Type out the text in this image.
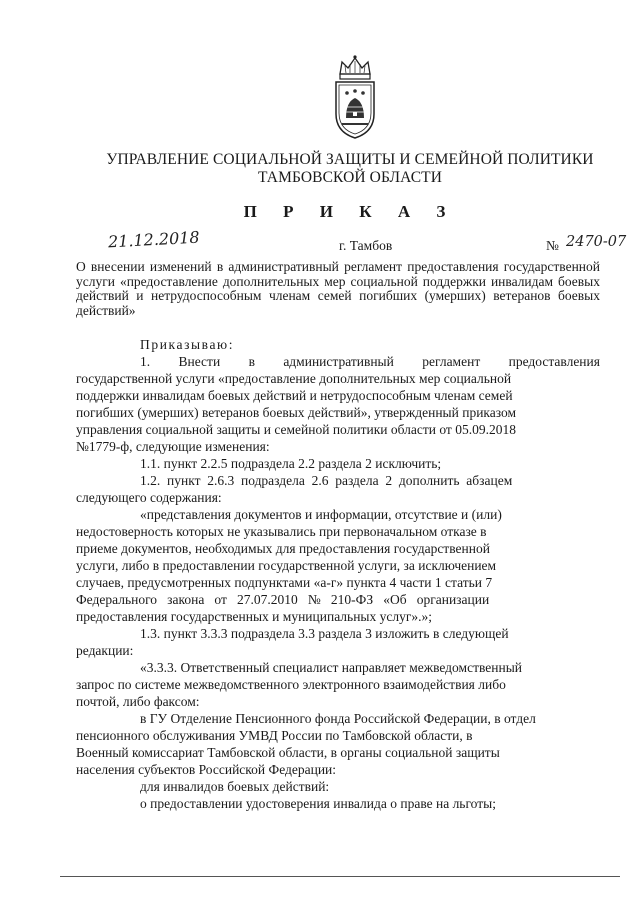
УПРАВЛЕНИЕ СОЦИАЛЬНОЙ ЗАЩИТЫ И СЕМЕЙНОЙ ПОЛИТИКИ
ТАМБОВСКОЙ ОБЛАСТИ
П Р И К А З
21.12.2018	г. Тамбов	№ 2470-07
О внесении изменений в административный регламент предоставления государственной услуги «предоставление дополнительных мер социальной поддержки инвалидам боевых действий и нетрудоспособным членам семей погибших (умерших) ветеранов боевых действий»
Приказываю:
1. Внести в административный регламент предоставления
государственной услуги «предоставление дополнительных мер социальной
поддержки инвалидам боевых действий и нетрудоспособным членам семей
погибших (умерших) ветеранов боевых действий», утвержденный приказом
управления социальной защиты и семейной политики области от 05.09.2018
№1779-ф, следующие изменения:
1.1. пункт 2.2.5 подраздела 2.2 раздела 2 исключить;
1.2.  пункт  2.6.3  подраздела  2.6  раздела  2  дополнить  абзацем
следующего содержания:
«представления документов и информации, отсутствие и (или)
недостоверность которых не указывались при первоначальном отказе в
приеме документов, необходимых для предоставления государственной
услуги, либо в предоставлении государственной услуги, за исключением
случаев, предусмотренных подпунктами «а-г» пункта 4 части 1 статьи 7
Федерального   закона   от   27.07.2010   №   210-ФЗ   «Об   организации
предоставления государственных и муниципальных услуг».»;
1.3. пункт 3.3.3 подраздела 3.3 раздела 3 изложить в следующей
редакции:
«3.3.3. Ответственный специалист направляет межведомственный
запрос по системе межведомственного электронного взаимодействия либо
почтой, либо факсом:
в ГУ Отделение Пенсионного фонда Российской Федерации, в отдел
пенсионного обслуживания УМВД России по Тамбовской области, в
Военный комиссариат Тамбовской области, в органы социальной защиты
населения субъектов Российской Федерации:
для инвалидов боевых действий:
о предоставлении удостоверения инвалида о праве на льготы;
